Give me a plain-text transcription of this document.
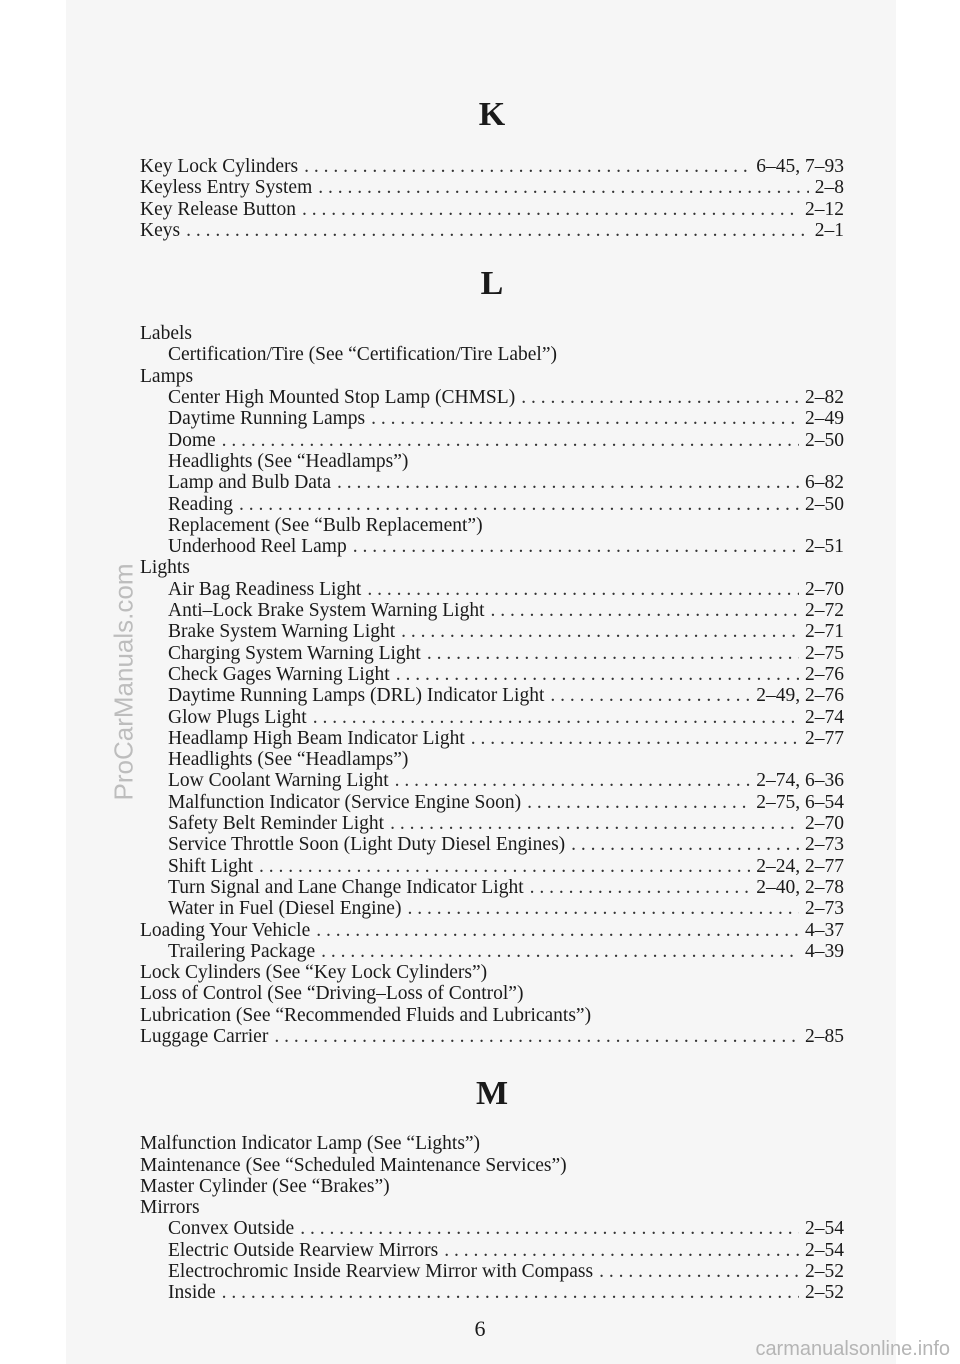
K
Key Lock Cylinders . . .	6–45, 7–93
Keyless Entry System . . .	2–8
Key Release Button . . .	2–12
Keys . . .	2–1
L
Labels
Certification/Tire (See “Certification/Tire Label”)
Lamps
Center High Mounted Stop Lamp (CHMSL) . . .	2–82
Daytime Running Lamps . . .	2–49
Dome . . .	2–50
Headlights (See “Headlamps”)
Lamp and Bulb Data . . .	6–82
Reading . . .	2–50
Replacement (See “Bulb Replacement”)
Underhood Reel Lamp . . .	2–51
Lights
Air Bag Readiness Light . . .	2–70
Anti–Lock Brake System Warning Light . . .	2–72
Brake System Warning Light . . .	2–71
Charging System Warning Light . . .	2–75
Check Gages Warning Light . . .	2–76
Daytime Running Lamps (DRL) Indicator Light . . .	2–49, 2–76
Glow Plugs Light . . .	2–74
Headlamp High Beam Indicator Light . . .	2–77
Headlights (See “Headlamps”)
Low Coolant Warning Light . . .	2–74, 6–36
Malfunction Indicator (Service Engine Soon) . . .	2–75, 6–54
Safety Belt Reminder Light . . .	2–70
Service Throttle Soon (Light Duty Diesel Engines) . . .	2–73
Shift Light . . .	2–24, 2–77
Turn Signal and Lane Change Indicator Light . . .	2–40, 2–78
Water in Fuel (Diesel Engine) . . .	2–73
Loading Your Vehicle . . .	4–37
Trailering Package . . .	4–39
Lock Cylinders (See “Key Lock Cylinders”)
Loss of Control (See “Driving–Loss of Control”)
Lubrication (See “Recommended Fluids and Lubricants”)
Luggage Carrier . . .	2–85
M
Malfunction Indicator Lamp (See “Lights”)
Maintenance (See “Scheduled Maintenance Services”)
Master Cylinder (See “Brakes”)
Mirrors
Convex Outside . . .	2–54
Electric Outside Rearview Mirrors . . .	2–54
Electrochromic Inside Rearview Mirror with Compass . . .	2–52
Inside . . .	2–52
6
ProCarManuals.com
carmanualsonline.info
